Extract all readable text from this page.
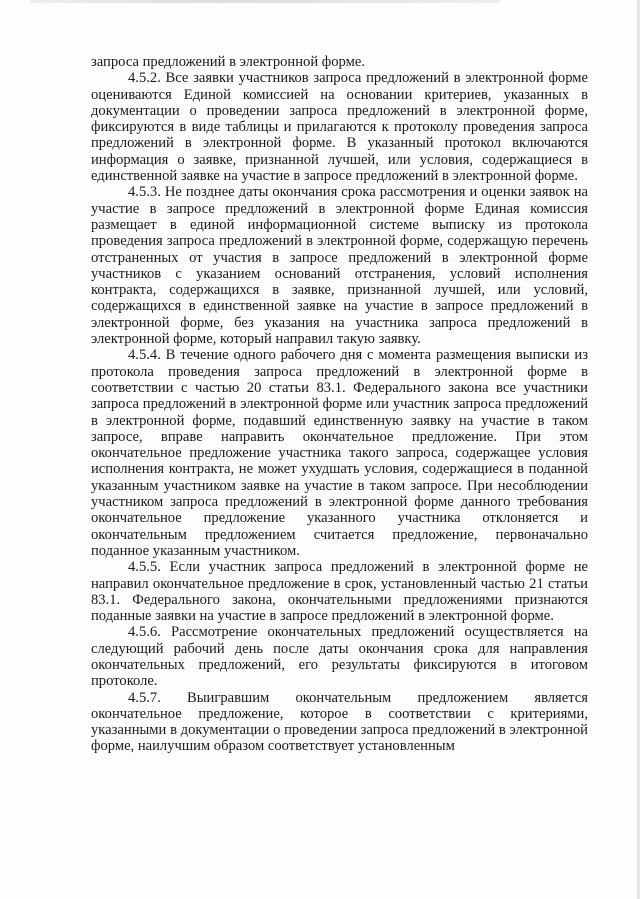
запроса предложений в электронной форме.

4.5.2. Все заявки участников запроса предложений в электронной форме оцениваются Единой комиссией на основании критериев, указанных в документации о проведении запроса предложений в электронной форме, фиксируются в виде таблицы и прилагаются к протоколу проведения запроса предложений в электронной форме. В указанный протокол включаются информация о заявке, признанной лучшей, или условия, содержащиеся в единственной заявке на участие в запросе предложений в электронной форме.

4.5.3. Не позднее даты окончания срока рассмотрения и оценки заявок на участие в запросе предложений в электронной форме Единая комиссия размещает в единой информационной системе выписку из протокола проведения запроса предложений в электронной форме, содержащую перечень отстраненных от участия в запросе предложений в электронной форме участников с указанием оснований отстранения, условий исполнения контракта, содержащихся в заявке, признанной лучшей, или условий, содержащихся в единственной заявке на участие в запросе предложений в электронной форме, без указания на участника запроса предложений в электронной форме, который направил такую заявку.

4.5.4. В течение одного рабочего дня с момента размещения выписки из протокола проведения запроса предложений в электронной форме в соответствии с частью 20 статьи 83.1. Федерального закона все участники запроса предложений в электронной форме или участник запроса предложений в электронной форме, подавший единственную заявку на участие в таком запросе, вправе направить окончательное предложение. При этом окончательное предложение участника такого запроса, содержащее условия исполнения контракта, не может ухудшать условия, содержащиеся в поданной указанным участником заявке на участие в таком запросе. При несоблюдении участником запроса предложений в электронной форме данного требования окончательное предложение указанного участника отклоняется и окончательным предложением считается предложение, первоначально поданное указанным участником.

4.5.5. Если участник запроса предложений в электронной форме не направил окончательное предложение в срок, установленный частью 21 статьи 83.1. Федерального закона, окончательными предложениями признаются поданные заявки на участие в запросе предложений в электронной форме.

4.5.6. Рассмотрение окончательных предложений осуществляется на следующий рабочий день после даты окончания срока для направления окончательных предложений, его результаты фиксируются в итоговом протоколе.

4.5.7. Выигравшим окончательным предложением является окончательное предложение, которое в соответствии с критериями, указанными в документации о проведении запроса предложений в электронной форме, наилучшим образом соответствует установленным
